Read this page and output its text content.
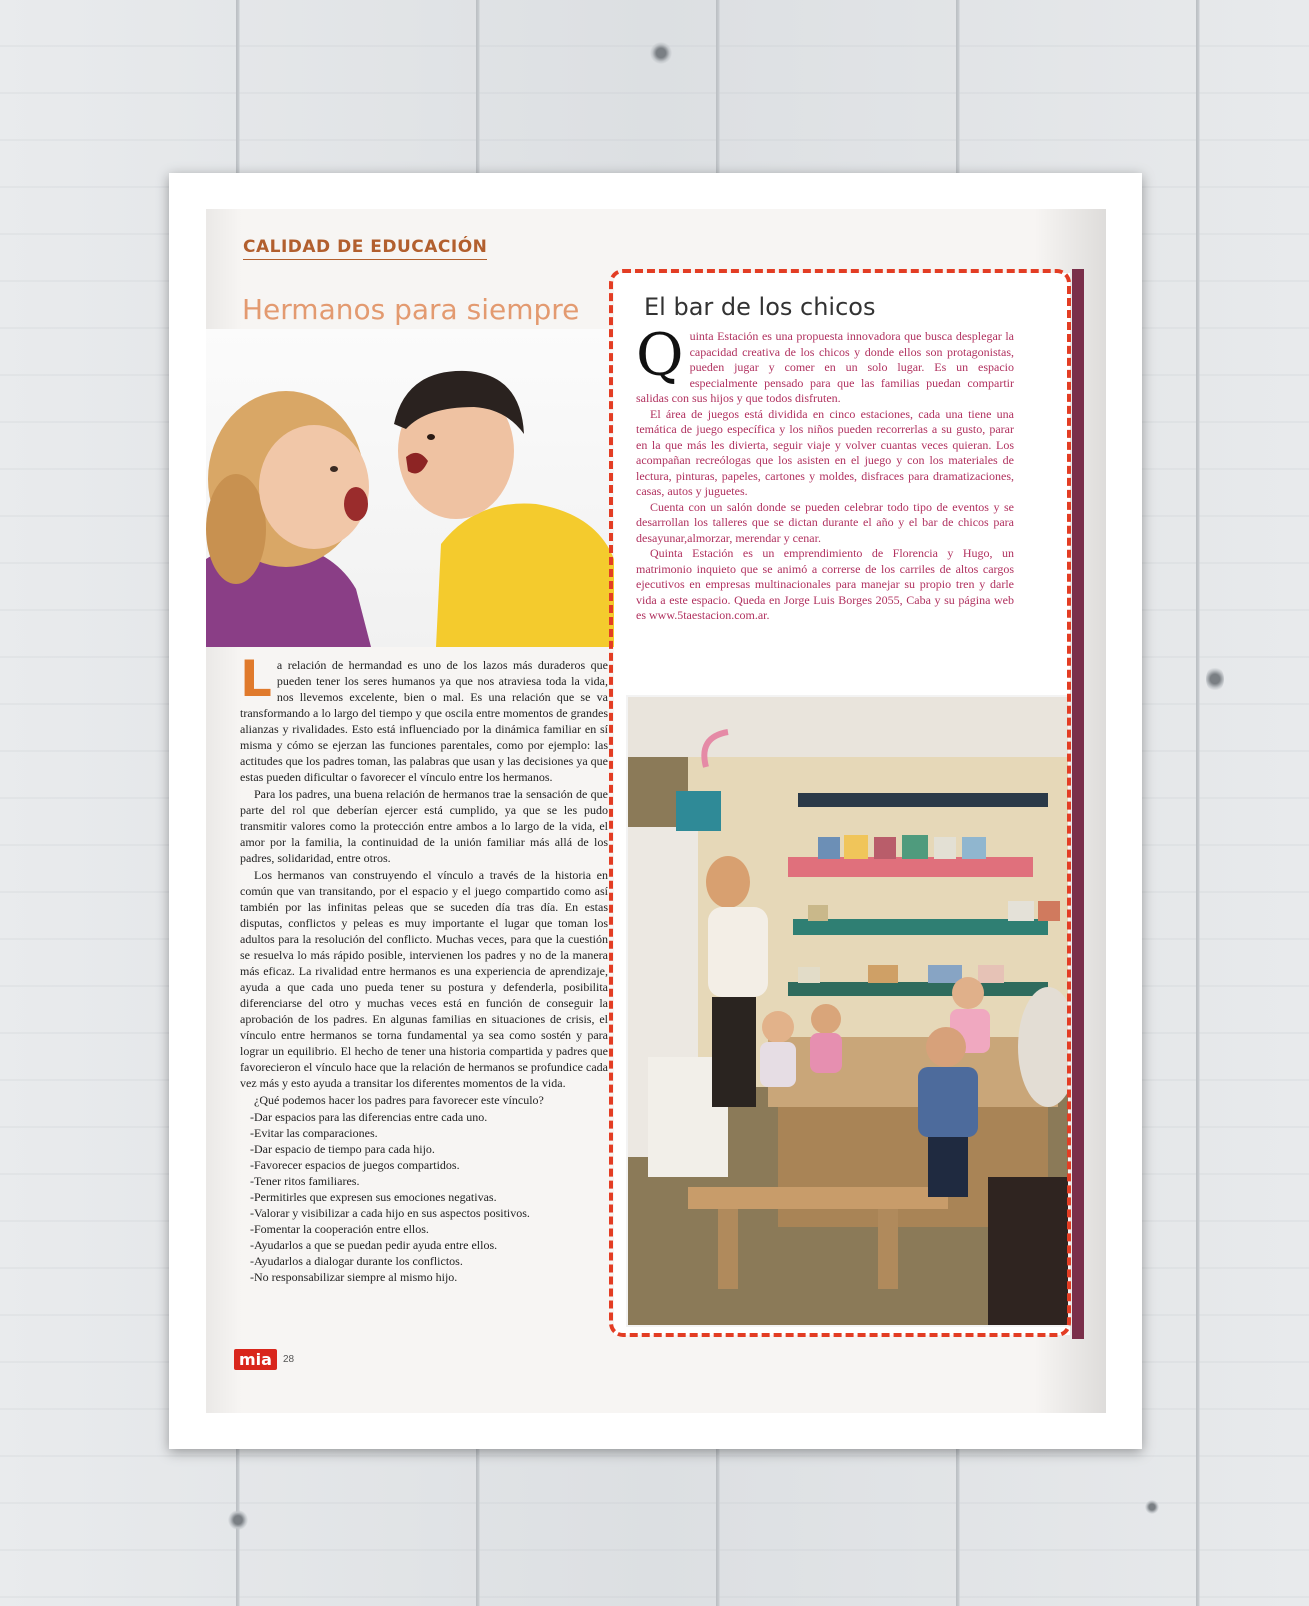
CALIDAD DE EDUCACIÓN
Hermanos para siempre

La relación de hermandad es uno de los lazos más duraderos que pueden tener los seres humanos ya que nos atraviesa toda la vida, nos llevemos excelente, bien o mal. Es una relación que se va transformando a lo largo del tiempo y que oscila entre momentos de grandes alianzas y rivalidades. Esto está influenciado por la dinámica familiar en sí misma y cómo se ejerzan las funciones parentales, como por ejemplo: las actitudes que los padres toman, las palabras que usan y las decisiones ya que estas pueden dificultar o favorecer el vínculo entre los hermanos.

Para los padres, una buena relación de hermanos trae la sensación de que parte del rol que deberían ejercer está cumplido, ya que se les pudo transmitir valores como la protección entre ambos a lo largo de la vida, el amor por la familia, la continuidad de la unión familiar más allá de los padres, solidaridad, entre otros.

Los hermanos van construyendo el vínculo a través de la historia en común que van transitando, por el espacio y el juego compartido como así también por las infinitas peleas que se suceden día tras día. En estas disputas, conflictos y peleas es muy importante el lugar que toman los adultos para la resolución del conflicto. Muchas veces, para que la cuestión se resuelva lo más rápido posible, intervienen los padres y no de la manera más eficaz. La rivalidad entre hermanos es una experiencia de aprendizaje, ayuda a que cada uno pueda tener su postura y defenderla, posibilita diferenciarse del otro y muchas veces está en función de conseguir la aprobación de los padres. En algunas familias en situaciones de crisis, el vínculo entre hermanos se torna fundamental ya sea como sostén y para lograr un equilibrio. El hecho de tener una historia compartida y padres que favorecieron el vínculo hace que la relación de hermanos se profundice cada vez más y esto ayuda a transitar los diferentes momentos de la vida.

¿Qué podemos hacer los padres para favorecer este vínculo?

-Dar espacios para las diferencias entre cada uno.
-Evitar las comparaciones.
-Dar espacio de tiempo para cada hijo.
-Favorecer espacios de juegos compartidos.
-Tener ritos familiares.
-Permitirles que expresen sus emociones negativas.
-Valorar y visibilizar a cada hijo en sus aspectos positivos.
-Fomentar la cooperación entre ellos.
-Ayudarlos a que se puedan pedir ayuda entre ellos.
-Ayudarlos a dialogar durante los conflictos.
-No responsabilizar siempre al mismo hijo.
mia	28
El bar de los chicos

Quinta Estación es una propuesta innovadora que busca desplegar la capacidad creativa de los chicos y donde ellos son protagonistas, pueden jugar y comer en un solo lugar. Es un espacio especialmente pensado para que las familias puedan compartir salidas con sus hijos y que todos disfruten.

El área de juegos está dividida en cinco estaciones, cada una tiene una temática de juego específica y los niños pueden recorrerlas a su gusto, parar en la que más les divierta, seguir viaje y volver cuantas veces quieran. Los acompañan recreólogas que los asisten en el juego y con los materiales de lectura, pinturas, papeles, cartones y moldes, disfraces para dramatizaciones, casas, autos y juguetes.

Cuenta con un salón donde se pueden celebrar todo tipo de eventos y se desarrollan los talleres que se dictan durante el año y el bar de chicos para desayunar,almorzar, merendar y cenar.

Quinta Estación es un emprendimiento de Florencia y Hugo, un matrimonio inquieto que se animó a correrse de los carriles de altos cargos ejecutivos en empresas multinacionales para manejar su propio tren y darle vida a este espacio. Queda en Jorge Luis Borges 2055, Caba y su página web es www.5taestacion.com.ar.
